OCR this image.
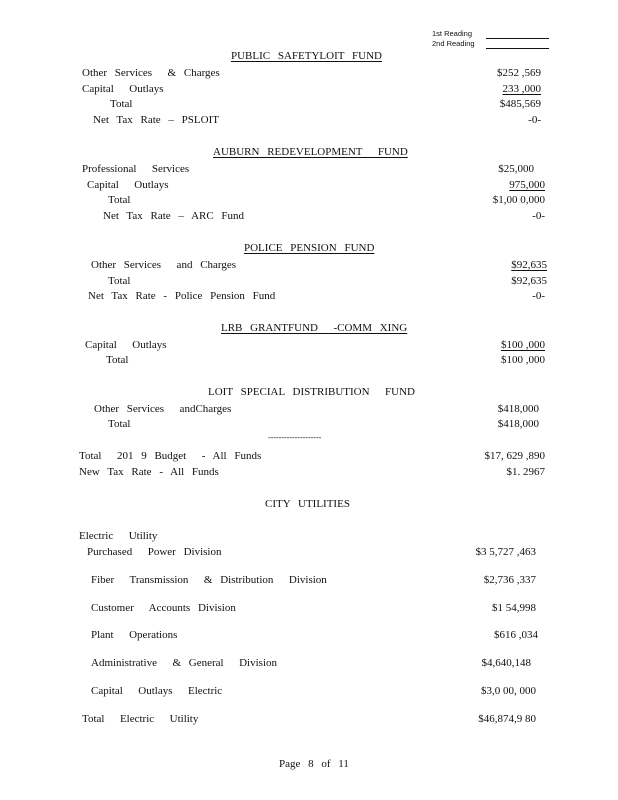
1st Reading
2nd Reading
PUBLIC SAFETYLOIT FUND
Other Services  & Charges	$252 ,569
Capital  Outlays	233 ,000
Total	$485,569
Net Tax Rate – PSLOIT	-0-
AUBURN REDEVELOPMENT  FUND
Professional  Services	$25,000
Capital  Outlays	975,000
Total	$1,00 0,000
Net Tax Rate – ARC Fund	-0-
POLICE PENSION FUND
Other Services  and Charges	$92,635
Total	$92,635
Net Tax Rate - Police Pension Fund	-0-
LRB GRANTFUND  -COMM XING
Capital  Outlays	$100 ,000
Total	$100 ,000
LOIT SPECIAL DISTRIBUTION  FUND
Other Services  andCharges	$418,000
Total	$418,000
--------------------
Total  201 9 Budget  - All Funds	$17, 629 ,890
New Tax Rate - All Funds	$1. 2967
CITY UTILITIES
Electric  Utility
Purchased  Power Division	$3 5,727 ,463
Fiber  Transmission  & Distribution  Division	$2,736 ,337
Customer  Accounts Division	$1 54,998
Plant  Operations	$616 ,034
Administrative  & General  Division	$4,640,148
Capital  Outlays  Electric	$3,0 00, 000
Total  Electric  Utility	$46,874,9 80
Page 8 of 11
